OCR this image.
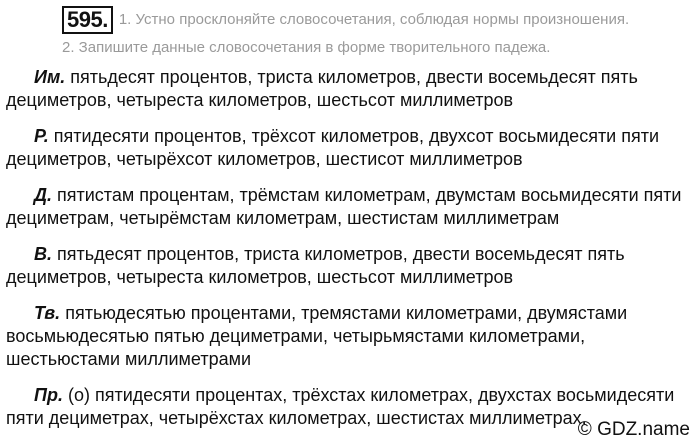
595. 1. Устно просклоняйте словосочетания, соблюдая нормы произношения.
2. Запишите данные словосочетания в форме творительного падежа.

Им. пятьдесят процентов, триста километров, двести восемьдесят пять дециметров, четыреста километров, шестьсот миллиметров

Р. пятидесяти процентов, трёхсот километров, двухсот восьмидесяти пяти дециметров, четырёхсот километров, шестисот миллиметров

Д. пятистам процентам, трёмстам километрам, двумстам восьмидесяти пяти дециметрам, четырёмстам километрам, шестистам миллиметрам

В. пятьдесят процентов, триста километров, двести восемьдесят пять дециметров, четыреста километров, шестьсот миллиметров

Тв. пятьюдесятью процентами, тремястами километрами, двумястами восьмьюдесятью пятью дециметрами, четырьмястами километрами, шестьюстами миллиметрами

Пр. (о) пятидесяти процентах, трёхстах километрах, двухстах восьмидесяти пяти дециметрах, четырёхстах километрах, шестистах миллиметрах.

© GDZ.name
